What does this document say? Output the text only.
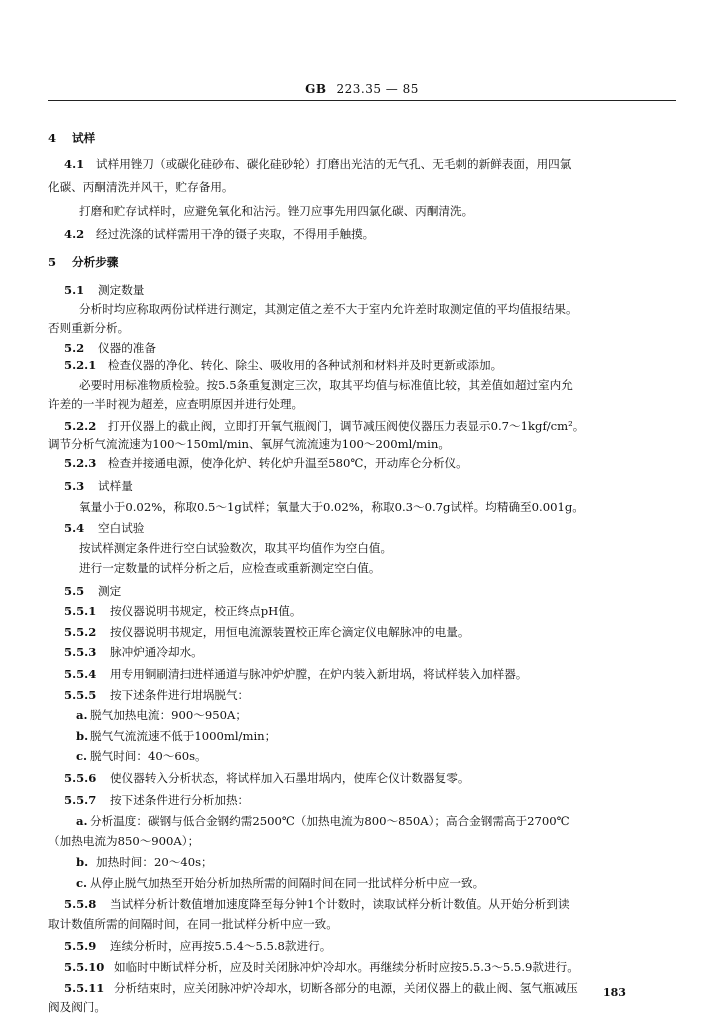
GB 223.35 — 85
4 试样
4.1 试样用锉刀（或碳化硅砂布、碳化硅砂轮）打磨出光洁的无气孔、无毛刺的新鲜表面，用四氯
化碳、丙酮清洗并风干，贮存备用。
打磨和贮存试样时，应避免氧化和沾污。锉刀应事先用四氯化碳、丙酮清洗。
4.2 经过洗涤的试样需用干净的镊子夹取，不得用手触摸。
5 分析步骤
5.1 测定数量
分析时均应称取两份试样进行测定，其测定值之差不大于室内允许差时取测定值的平均值报结果。
否则重新分析。
5.2 仪器的准备
5.2.1 检查仪器的净化、转化、除尘、吸收用的各种试剂和材料并及时更新或添加。
必要时用标准物质检验。按5.5条重复测定三次，取其平均值与标准值比较，其差值如超过室内允
许差的一半时视为超差，应查明原因并进行处理。
5.2.2 打开仪器上的截止阀，立即打开氧气瓶阀门，调节减压阀使仪器压力表显示0.7～1kgf/cm²。
调节分析气流流速为100～150ml/min、氧屏气流流速为100～200ml/min。
5.2.3 检查并接通电源，使净化炉、转化炉升温至580℃，开动库仑分析仪。
5.3 试样量
氧量小于0.02%，称取0.5～1g试样；氧量大于0.02%，称取0.3～0.7g试样。均精确至0.001g。
5.4 空白试验
按试样测定条件进行空白试验数次，取其平均值作为空白值。
进行一定数量的试样分析之后，应检查或重新测定空白值。
5.5 测定
5.5.1 按仪器说明书规定，校正终点pH值。
5.5.2 按仪器说明书规定，用恒电流源装置校正库仑滴定仪电解脉冲的电量。
5.5.3 脉冲炉通冷却水。
5.5.4 用专用铜刷清扫进样通道与脉冲炉炉膛，在炉内装入新坩埚，将试样装入加样器。
5.5.5 按下述条件进行坩埚脱气：
a. 脱气加热电流：900～950A；
b. 脱气气流流速不低于1000ml/min；
c. 脱气时间：40～60s。
5.5.6 使仪器转入分析状态，将试样加入石墨坩埚内，使库仑仪计数器复零。
5.5.7 按下述条件进行分析加热：
a. 分析温度：碳钢与低合金钢约需2500℃（加热电流为800～850A）；高合金钢需高于2700℃
（加热电流为850～900A）；
b. 加热时间：20～40s；
c. 从停止脱气加热至开始分析加热所需的间隔时间在同一批试样分析中应一致。
5.5.8 当试样分析计数值增加速度降至每分钟1个计数时，读取试样分析计数值。从开始分析到读
取计数值所需的间隔时间，在同一批试样分析中应一致。
5.5.9 连续分析时，应再按5.5.4～5.5.8款进行。
5.5.10 如临时中断试样分析，应及时关闭脉冲炉冷却水。再继续分析时应按5.5.3～5.5.9款进行。
5.5.11 分析结束时，应关闭脉冲炉冷却水，切断各部分的电源，关闭仪器上的截止阀、氢气瓶减压
阀及阀门。
183
